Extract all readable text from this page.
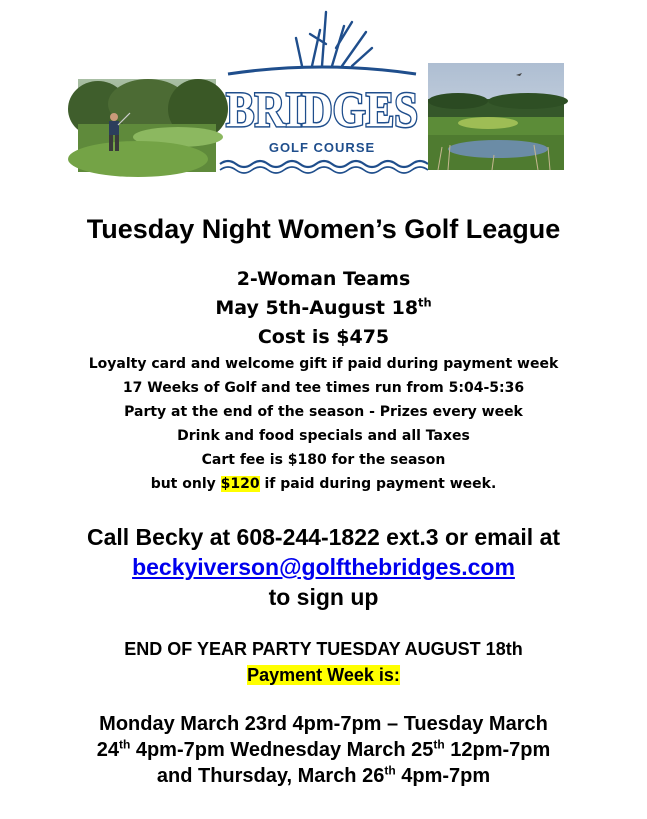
BRIDGES
GOLF COURSE
Tuesday Night Women’s Golf League
2-Woman Teams
May 5th-August 18th
Cost is $475
Loyalty card and welcome gift if paid during payment week
17 Weeks of Golf and tee times run from 5:04-5:36
Party at the end of the season - Prizes every week
Drink and food specials and all Taxes
Cart fee is $180 for the season
but only $120 if paid during payment week.
Call Becky at 608-244-1822 ext.3 or email at
beckyiverson@golfthebridges.com
to sign up
END OF YEAR PARTY TUESDAY AUGUST 18th
Payment Week is:
Monday March 23rd 4pm-7pm – Tuesday March
24th 4pm-7pm Wednesday March 25th 12pm-7pm
and Thursday, March 26th 4pm-7pm
